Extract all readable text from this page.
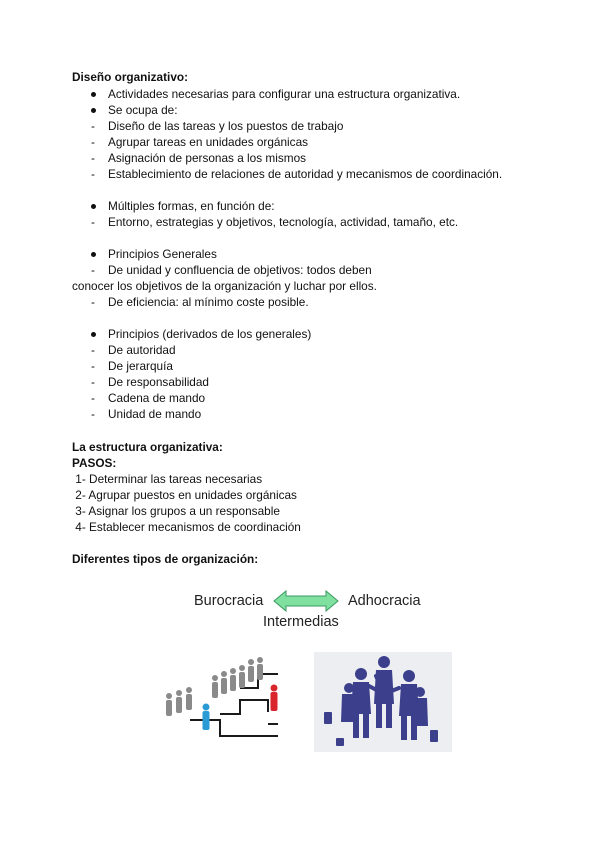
Diseño organizativo:
Actividades necesarias para configurar una estructura organizativa.
Se ocupa de:
- Diseño de las tareas y los puestos de trabajo
- Agrupar tareas en unidades orgánicas
- Asignación de personas a los mismos
- Establecimiento de relaciones de autoridad y mecanismos de coordinación.
Múltiples formas, en función de:
- Entorno, estrategias y objetivos, tecnología, actividad, tamaño, etc.
Principios Generales
- De unidad y confluencia de objetivos: todos deben
conocer los objetivos de la organización y luchar por ellos.
- De eficiencia: al mínimo coste posible.
Principios (derivados de los generales)
- De autoridad
- De jerarquía
- De responsabilidad
- Cadena de mando
- Unidad de mando
La estructura organizativa:
PASOS:
1- Determinar las tareas necesarias
2- Agrupar puestos en unidades orgánicas
3- Asignar los grupos a un responsable
4- Establecer mecanismos de coordinación
Diferentes tipos de organización:
Burocracia	Adhocracia
Intermedias
